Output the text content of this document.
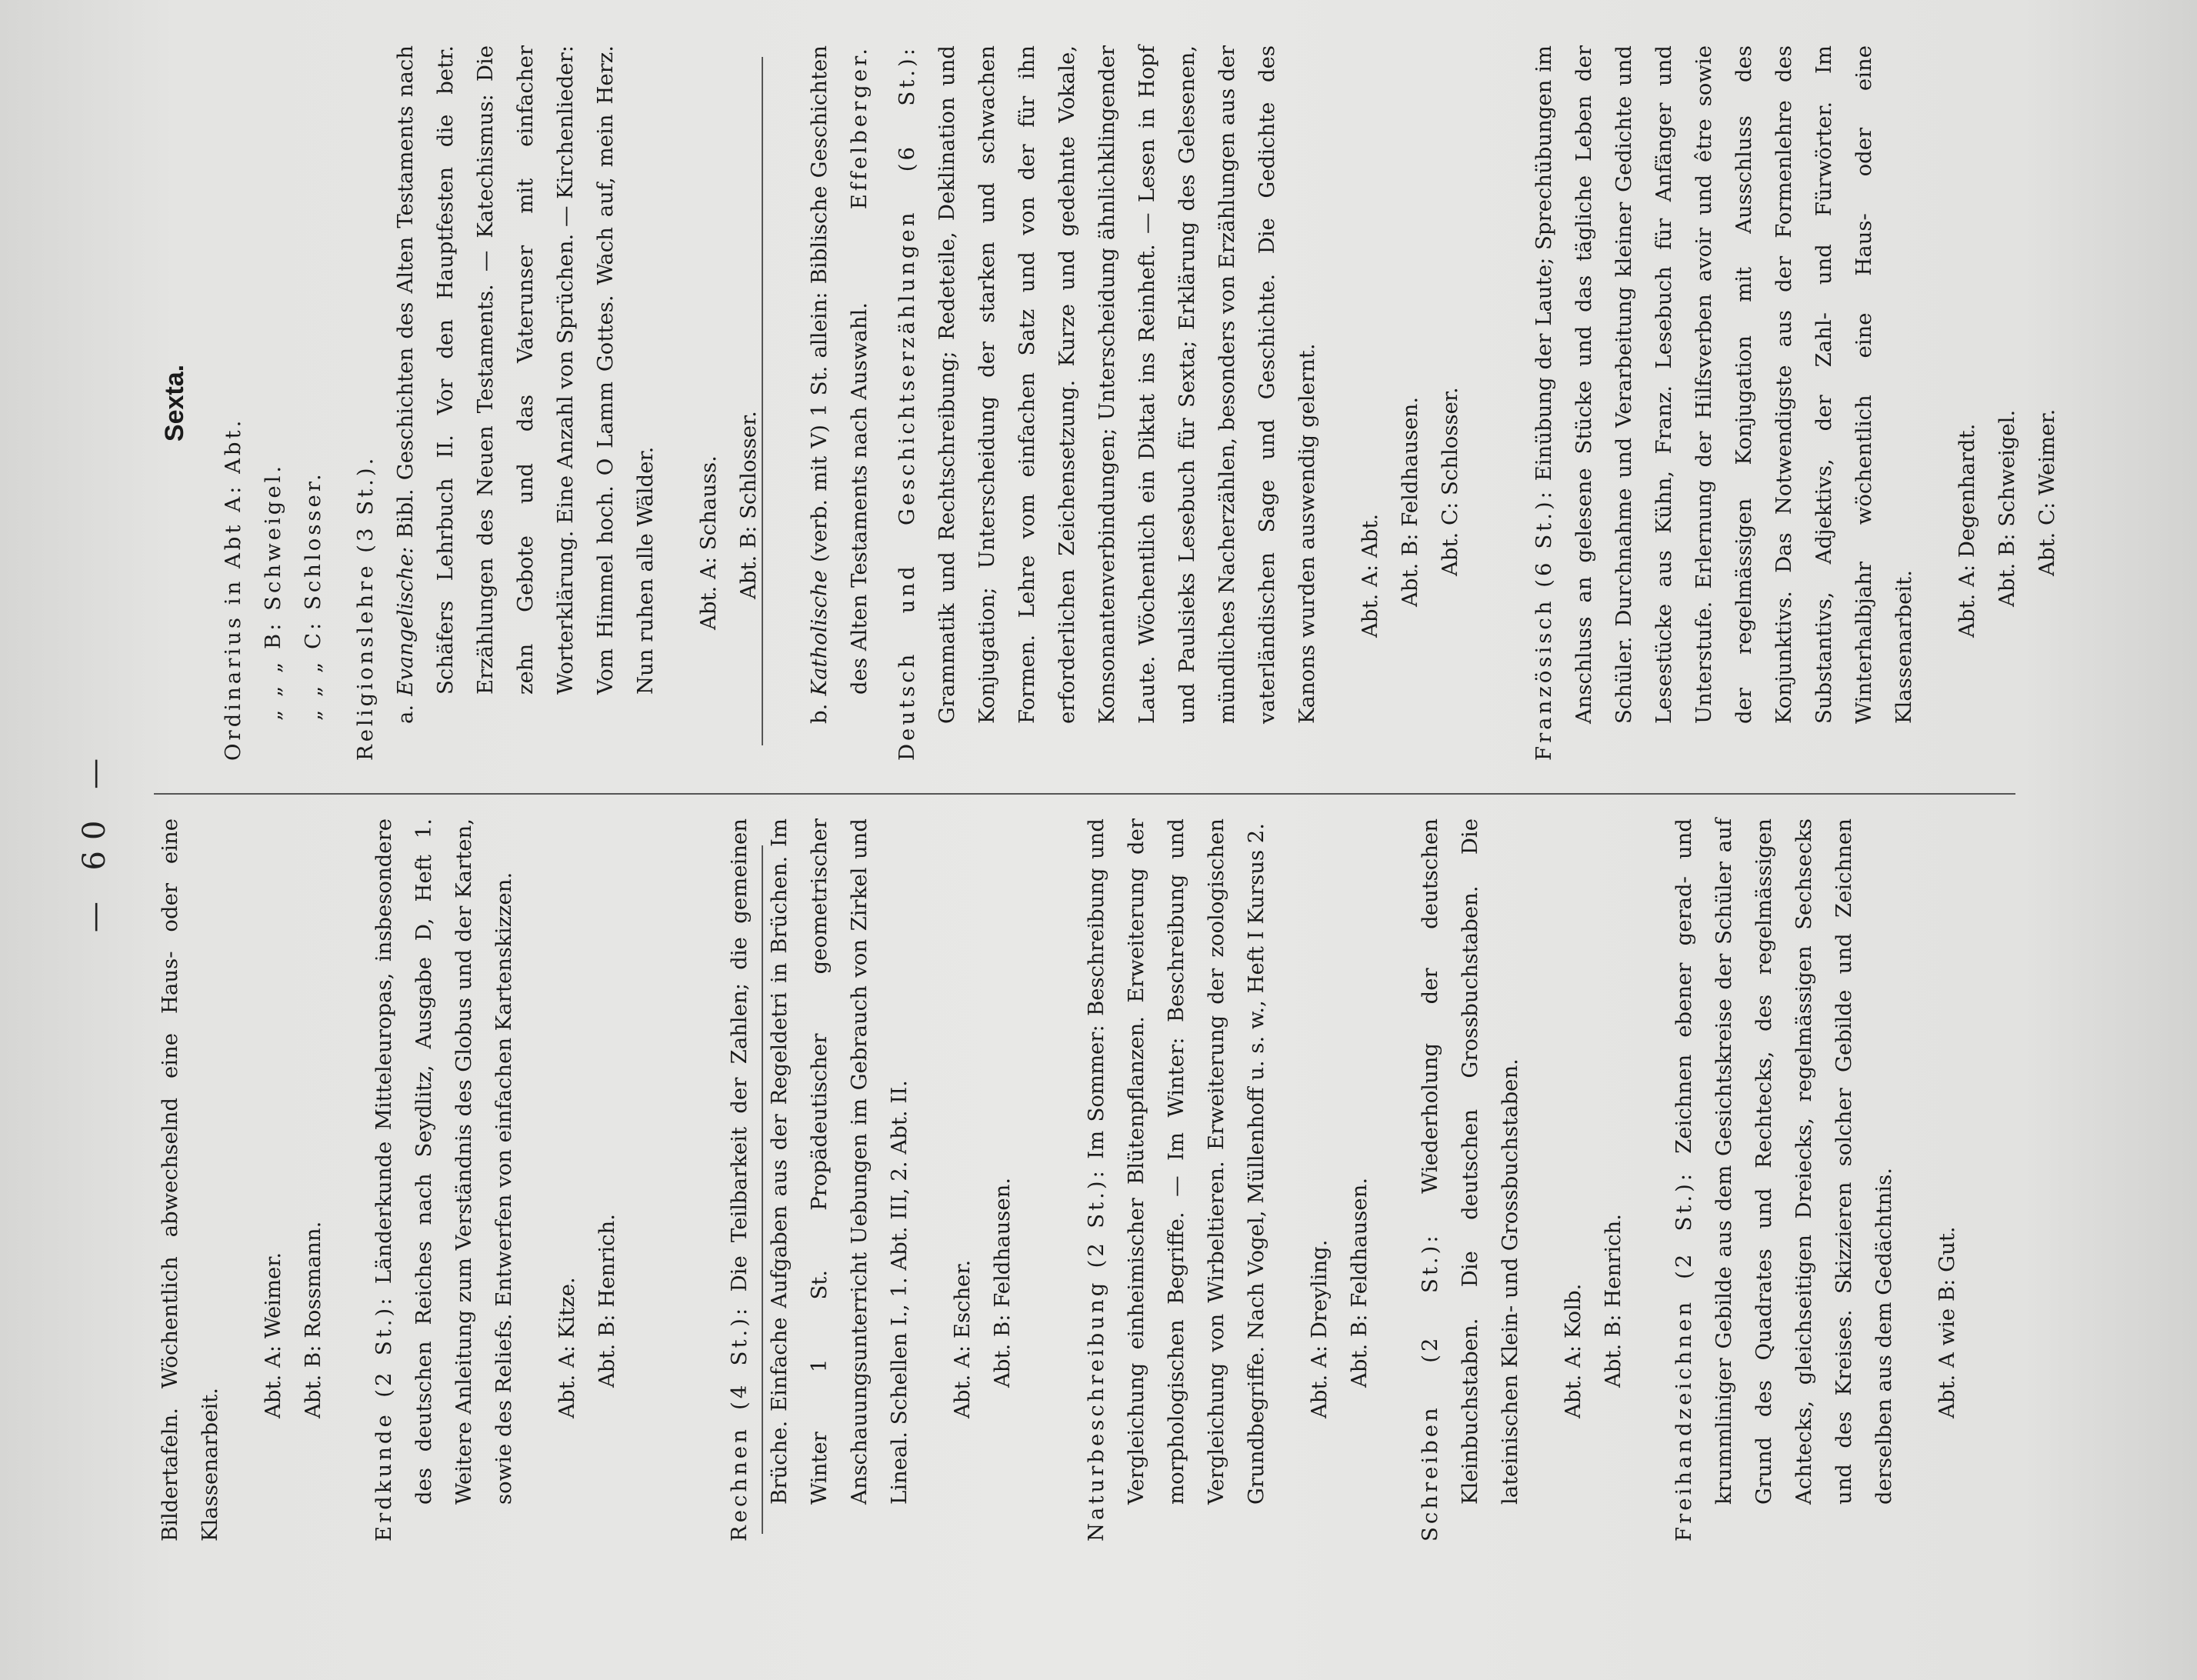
— 60 —	Bildertafeln. Wöchentlich abwechselnd eine Haus- oder eine Klassenarbeit.

Abt. A: Weimer. Abt. B: Rossmann.	Erdkunde (2 St.): Länderkunde Mitteleuropas, insbesondere des deutschen Reiches nach Seydlitz, Ausgabe D, Heft 1. Weitere Anleitung zum Verständnis des Globus und der Karten, sowie des Reliefs. Entwerfen von einfachen Kartenskizzen.	Abt. A: Kitze. Abt. B: Henrich.

Rechnen (4 St.): Die Teilbarkeit der Zahlen; die gemeinen Brüche. Einfache Aufgaben aus der Regeldetri in Brüchen. Im Winter 1 St. Propädeutischer geometrischer Anschauungsunterricht Uebungen im Gebrauch von Zirkel und Lineal. Schellen I., 1. Abt. III, 2. Abt. II.	Abt. A: Escher. Abt. B: Feldhausen.	Naturbeschreibung (2 St.): Im Sommer: Beschreibung und Vergleichung einheimischer Blütenpflanzen. Erweiterung der morphologischen Begriffe. — Im Winter: Beschreibung und Vergleichung von Wirbeltieren. Erweiterung der zoologischen Grundbegriffe. Nach Vogel, Müllenhoff u. s. w., Heft I Kursus 2.	Abt. A: Dreyling. Abt. B: Feldhausen.	Schreiben (2 St.): Wiederholung der deutschen Kleinbuchstaben. Die deutschen Grossbuchstaben. Die lateinischen Klein- und Grossbuchstaben.	Abt. A: Kolb. Abt. B: Henrich.	Freihandzeichnen (2 St.): Zeichnen ebener gerad- und krummliniger Gebilde aus dem Gesichtskreise der Schüler auf Grund des Quadrates und Rechtecks, des regelmässigen Achtecks, gleichseitigen Dreiecks, regelmässigen Sechsecks und des Kreises. Skizzieren solcher Gebilde und Zeichnen derselben aus dem Gedächtnis.	Abt. A wie B: Gut.

Sexta.

Ordinarius in Abt A: Abt. „ „ „ B: Schweigel. „ „ „ C: Schlosser.	Religionslehre (3 St.). a. Evangelische: Bibl. Geschichten des Alten Testaments nach Schäfers Lehrbuch II. Vor den Hauptfesten die betr. Erzählungen des Neuen Testaments. — Katechismus: Die zehn Gebote und das Vaterunser mit einfacher Worterklärung. Eine Anzahl von Sprüchen. — Kirchenlieder: Vom Himmel hoch. O Lamm Gottes. Wach auf, mein Herz. Nun ruhen alle Wälder.	Abt. A: Schauss. Abt. B: Schlosser.

b. Katholische (verb. mit V) 1 St. allein: Biblische Geschichten des Alten Testaments nach Auswahl.
Effelberger.	Deutsch und Geschichtserzählungen (6 St.): Grammatik und Rechtschreibung; Redeteile, Deklination und Konjugation; Unterscheidung der starken und schwachen Formen. Lehre vom einfachen Satz und von der für ihn erforderlichen Zeichensetzung. Kurze und gedehnte Vokale, Konsonantenverbindungen; Unterscheidung ähnlichklingender Laute. Wöchentlich ein Diktat ins Reinheft. — Lesen in Hopf und Paulsieks Lesebuch für Sexta; Erklärung des Gelesenen, mündliches Nacherzählen, besonders von Erzählungen aus der vaterländischen Sage und Geschichte. Die Gedichte des Kanons wurden auswendig gelernt.	Abt. A: Abt. Abt. B: Feldhausen. Abt. C: Schlosser.

Französisch (6 St.): Einübung der Laute; Sprechübungen im Anschluss an gelesene Stücke und das tägliche Leben der Schüler. Durchnahme und Verarbeitung kleiner Gedichte und Lesestücke aus Kühn, Franz. Lesebuch für Anfänger und Unterstufe. Erlernung der Hilfsverben avoir und être sowie der regelmässigen Konjugation mit Ausschluss des Konjunktivs. Das Notwendigste aus der Formenlehre des Substantivs, Adjektivs, der Zahl- und Fürwörter. Im Winterhalbjahr wöchentlich eine Haus- oder eine Klassenarbeit.

Abt. A: Degenhardt. Abt. B: Schweigel. Abt. C: Weimer.
